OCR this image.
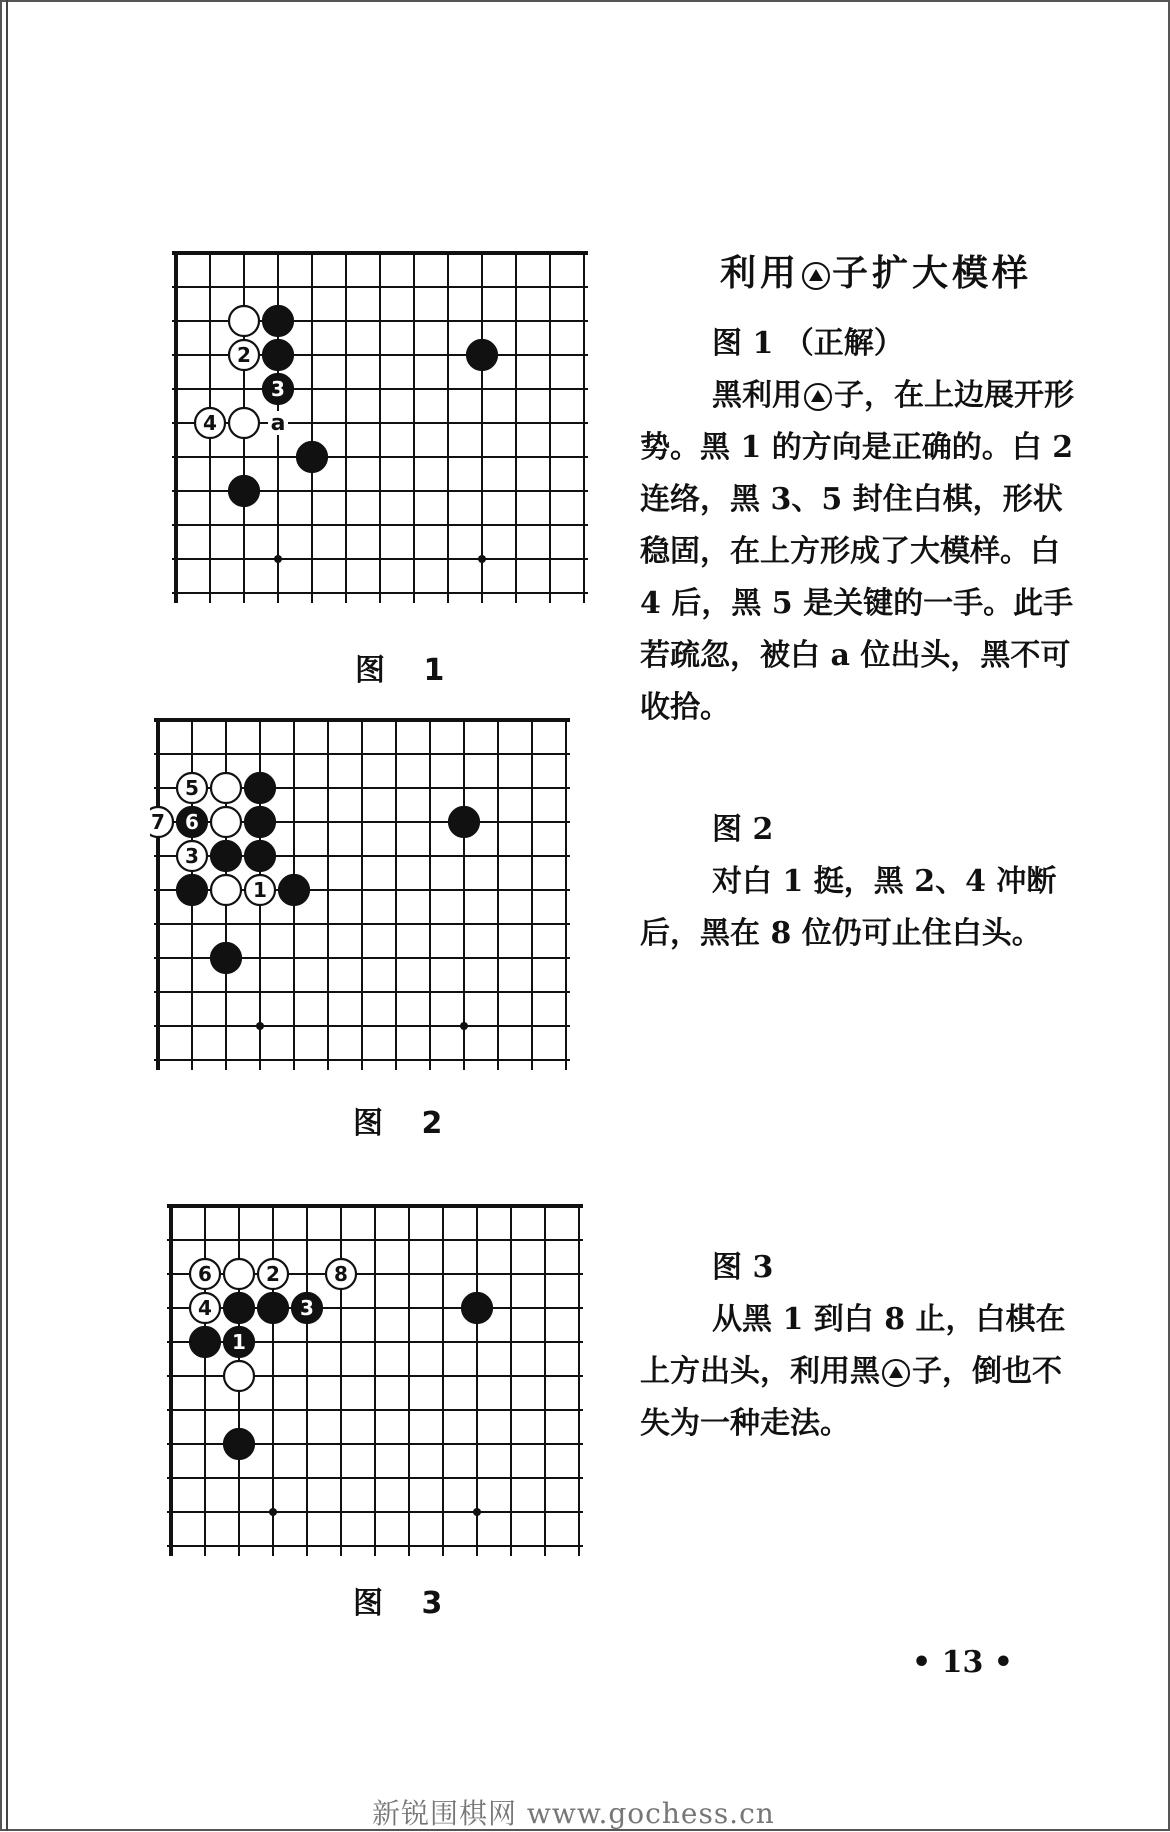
利用 子扩大模样
2
3
4 a
图 1

图 1 （正解）

黑利用 子，在上边展开形势。黑 1 的方向是正确的。白 2 连络，黑 3、5 封住白棋，形状稳固，在上方形成了大模样。白 4 后，黑 5 是关键的一手。此手若疏忽，被白 a 位出头，黑不可收拾。

5
7 6
3
1
图 2

图 2

对白 1 挺，黑 2、4 冲断后，黑在 8 位仍可止住白头。

6	2	8
4	3
1
图 3

图 3

从黑 1 到白 8 止，白棋在上方出头，利用黑 子，倒也不失为一种走法。

• 13 •
新锐围棋网 www.gochess.cn
